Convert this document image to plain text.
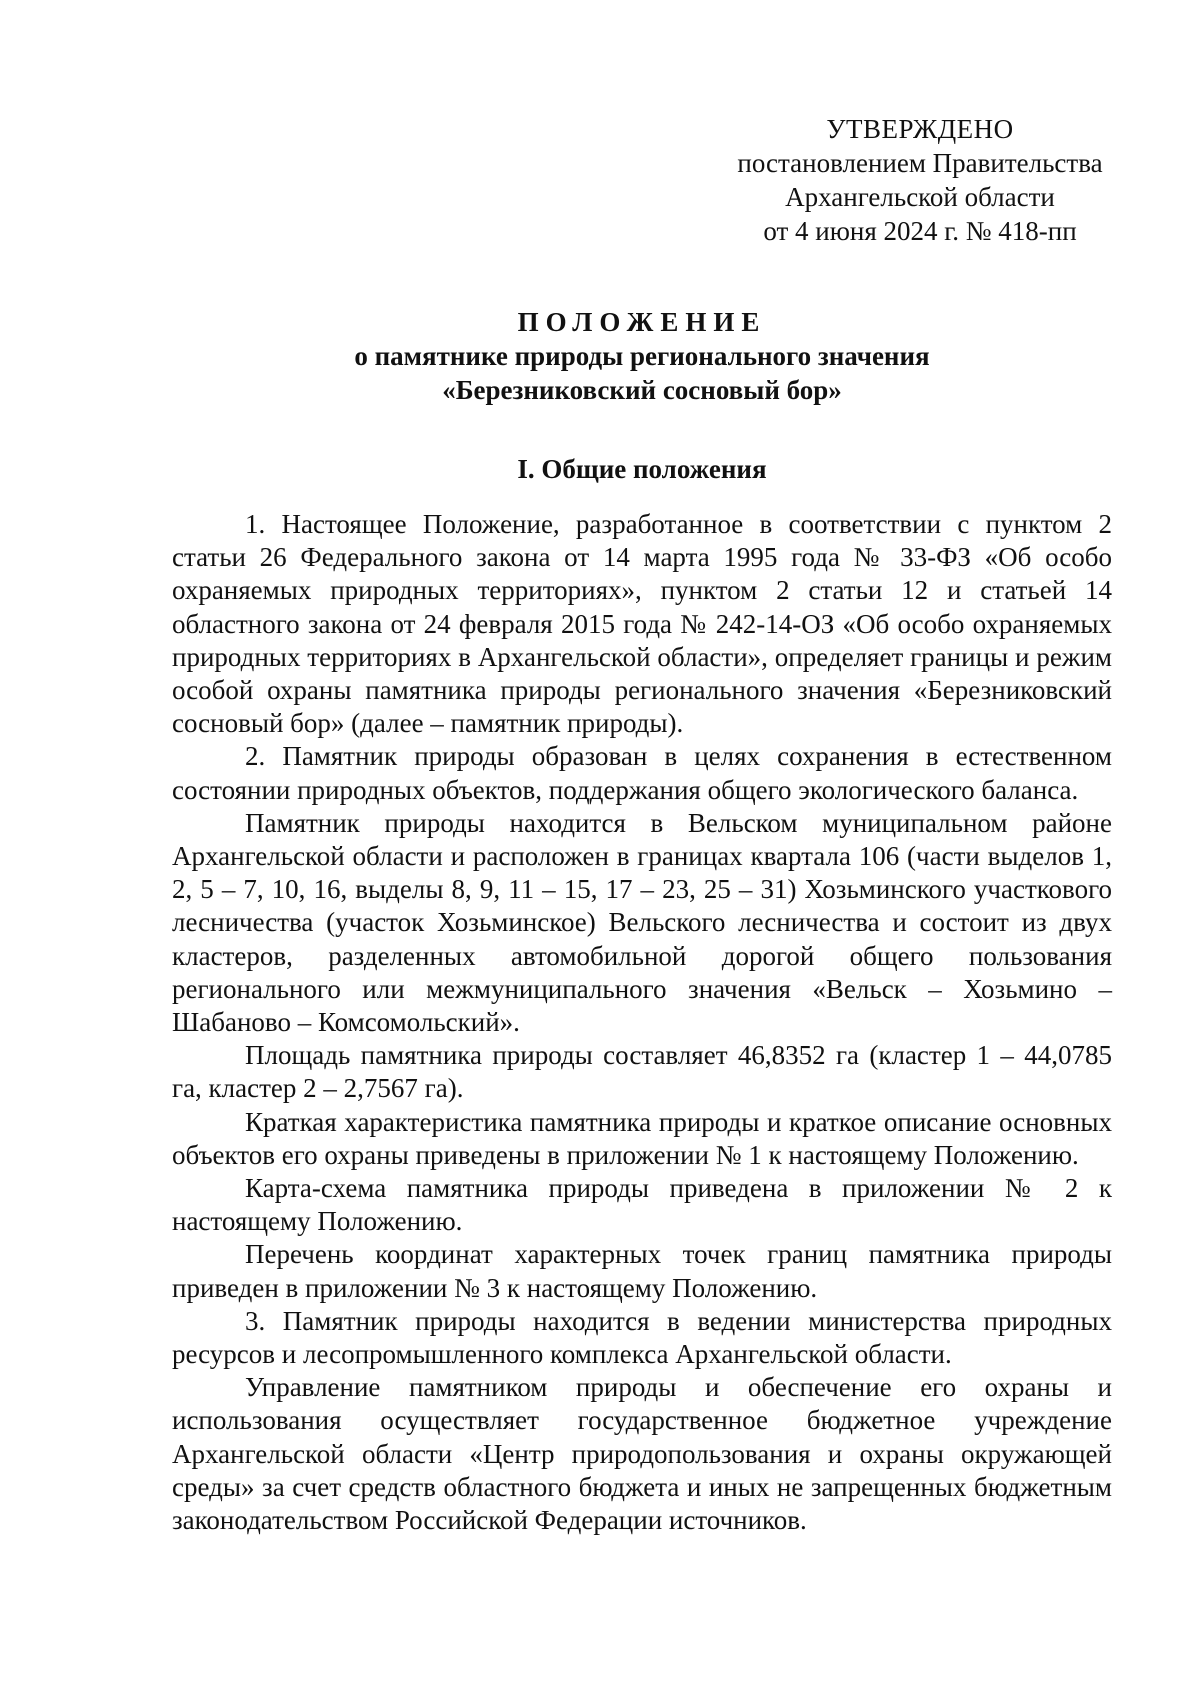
УТВЕРЖДЕНО
постановлением Правительства
Архангельской области
от 4 июня 2024 г. № 418-пп
ПОЛОЖЕНИЕ
о памятнике природы регионального значения
«Березниковский сосновый бор»
I. Общие положения

1. Настоящее Положение, разработанное в соответствии с пунктом 2 статьи 26 Федерального закона от 14 марта 1995 года № 33-ФЗ «Об особо охраняемых природных территориях», пунктом 2 статьи 12 и статьей 14 областного закона от 24 февраля 2015 года № 242-14-ОЗ «Об особо охраняемых природных территориях в Архангельской области», определяет границы и режим особой охраны памятника природы регионального значения «Березниковский сосновый бор» (далее – памятник природы).

2. Памятник природы образован в целях сохранения в естественном состоянии природных объектов, поддержания общего экологического баланса.

Памятник природы находится в Вельском муниципальном районе Архангельской области и расположен в границах квартала 106 (части выделов 1, 2, 5 – 7, 10, 16, выделы 8, 9, 11 – 15, 17 – 23, 25 – 31) Хозьминского участкового лесничества (участок Хозьминское) Вельского лесничества и состоит из двух кластеров, разделенных автомобильной дорогой общего пользования регионального или межмуниципального значения «Вельск – Хозьмино – Шабаново – Комсомольский».

Площадь памятника природы составляет 46,8352 га (кластер 1 – 44,0785 га, кластер 2 – 2,7567 га).

Краткая характеристика памятника природы и краткое описание основных объектов его охраны приведены в приложении № 1 к настоящему Положению.

Карта-схема памятника природы приведена в приложении № 2 к настоящему Положению.

Перечень координат характерных точек границ памятника природы приведен в приложении № 3 к настоящему Положению.

3. Памятник природы находится в ведении министерства природных ресурсов и лесопромышленного комплекса Архангельской области.

Управление памятником природы и обеспечение его охраны и использования осуществляет государственное бюджетное учреждение Архангельской области «Центр природопользования и охраны окружающей среды» за счет средств областного бюджета и иных не запрещенных бюджетным законодательством Российской Федерации источников.
